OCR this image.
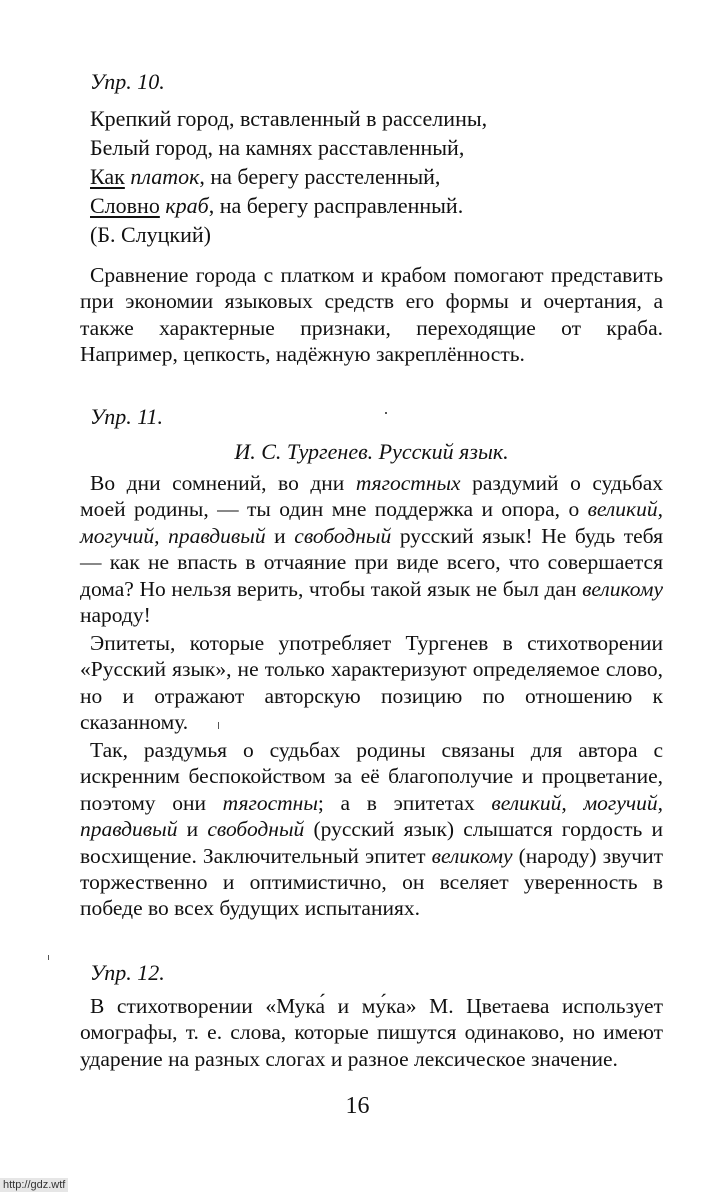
Упр. 10.
Крепкий город, вставленный в расселины,
Белый город, на камнях расставленный,
Как платок, на берегу расстеленный,
Словно краб, на берегу расправленный.
(Б. Слуцкий)
Сравнение города с платком и крабом помогают представить при экономии языковых средств его формы и очертания, а также характерные признаки, переходящие от краба. Например, цепкость, надёжную закреплённость.
Упр. 11.
И. С. Тургенев. Русский язык.
Во дни сомнений, во дни тягостных раздумий о судьбах моей родины, — ты один мне поддержка и опора, о великий, могучий, правдивый и свободный русский язык! Не будь тебя — как не впасть в отчаяние при виде всего, что совершается дома? Но нельзя верить, чтобы такой язык не был дан великому народу!
Эпитеты, которые употребляет Тургенев в стихотворении «Русский язык», не только характеризуют определяемое слово, но и отражают авторскую позицию по отношению к сказанному.
Так, раздумья о судьбах родины связаны для автора с искренним беспокойством за её благополучие и процветание, поэтому они тягостны; а в эпитетах великий, могучий, правдивый и свободный (русский язык) слышатся гордость и восхищение. Заключительный эпитет великому (народу) звучит торжественно и оптимистично, он вселяет уверенность в победе во всех будущих испытаниях.
Упр. 12.
В стихотворении «Мука́ и му́ка» М. Цветаева использует омографы, т. е. слова, которые пишутся одинаково, но имеют ударение на разных слогах и разное лексическое значение.
16
http://gdz.wtf
